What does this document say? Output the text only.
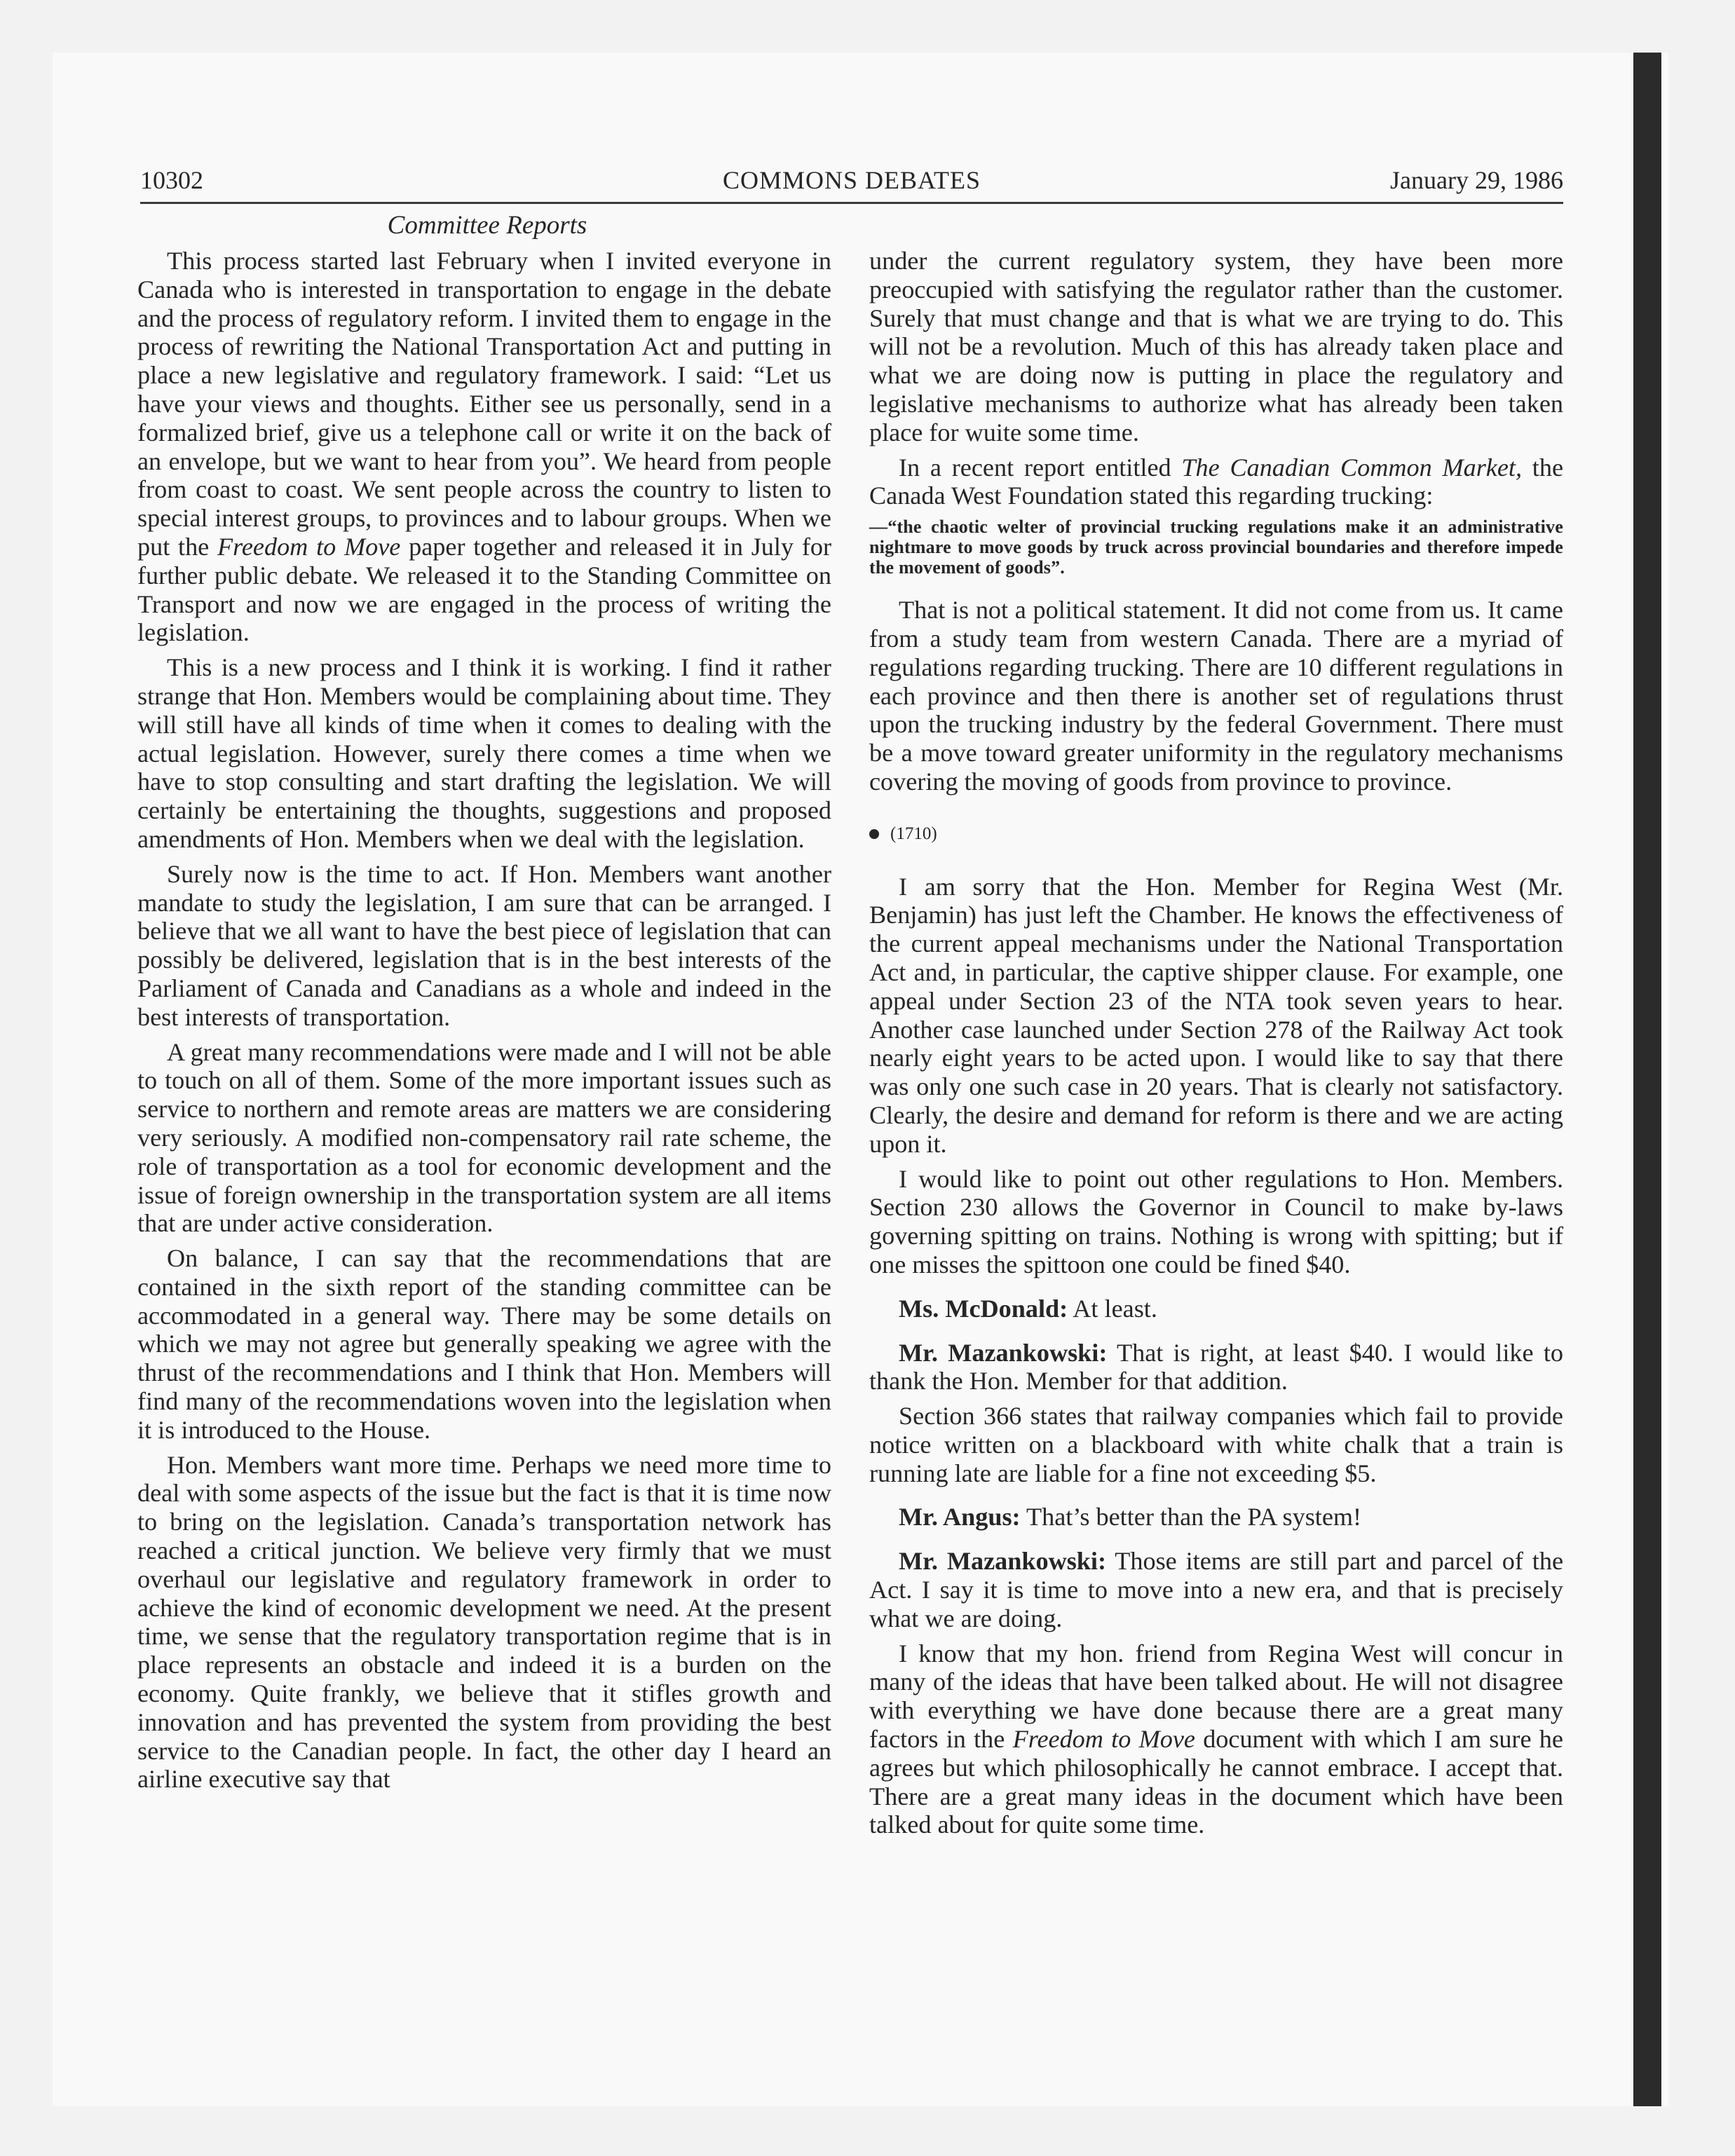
10302	COMMONS DEBATES	January 29, 1986
Committee Reports

This process started last February when I invited everyone in Canada who is interested in transportation to engage in the debate and the process of regulatory reform. I invited them to engage in the process of rewriting the National Transportation Act and putting in place a new legislative and regulatory framework. I said: “Let us have your views and thoughts. Either see us personally, send in a formalized brief, give us a telephone call or write it on the back of an envelope, but we want to hear from you”. We heard from people from coast to coast. We sent people across the country to listen to special interest groups, to provinces and to labour groups. When we put the Freedom to Move paper together and released it in July for further public debate. We released it to the Standing Committee on Transport and now we are engaged in the process of writing the legislation.

This is a new process and I think it is working. I find it rather strange that Hon. Members would be complaining about time. They will still have all kinds of time when it comes to dealing with the actual legislation. However, surely there comes a time when we have to stop consulting and start drafting the legislation. We will certainly be entertaining the thoughts, suggestions and proposed amendments of Hon. Members when we deal with the legislation.

Surely now is the time to act. If Hon. Members want another mandate to study the legislation, I am sure that can be arranged. I believe that we all want to have the best piece of legislation that can possibly be delivered, legislation that is in the best interests of the Parliament of Canada and Canadians as a whole and indeed in the best interests of transportation.

A great many recommendations were made and I will not be able to touch on all of them. Some of the more important issues such as service to northern and remote areas are matters we are considering very seriously. A modified non-compensatory rail rate scheme, the role of transportation as a tool for economic development and the issue of foreign ownership in the transportation system are all items that are under active consideration.

On balance, I can say that the recommendations that are contained in the sixth report of the standing committee can be accommodated in a general way. There may be some details on which we may not agree but generally speaking we agree with the thrust of the recommendations and I think that Hon. Members will find many of the recommendations woven into the legislation when it is introduced to the House.

Hon. Members want more time. Perhaps we need more time to deal with some aspects of the issue but the fact is that it is time now to bring on the legislation. Canada’s transportation network has reached a critical junction. We believe very firmly that we must overhaul our legislative and regulatory framework in order to achieve the kind of economic development we need. At the present time, we sense that the regulatory transportation regime that is in place represents an obstacle and indeed it is a burden on the economy. Quite frankly, we believe that it stifles growth and innovation and has prevented the system from providing the best service to the Canadian people. In fact, the other day I heard an airline executive say that

under the current regulatory system, they have been more preoccupied with satisfying the regulator rather than the customer. Surely that must change and that is what we are trying to do. This will not be a revolution. Much of this has already taken place and what we are doing now is putting in place the regulatory and legislative mechanisms to authorize what has already been taken place for wuite some time.

In a recent report entitled The Canadian Common Market, the Canada West Foundation stated this regarding trucking:

—“the chaotic welter of provincial trucking regulations make it an administrative nightmare to move goods by truck across provincial boundaries and therefore impede the movement of goods”.

That is not a political statement. It did not come from us. It came from a study team from western Canada. There are a myriad of regulations regarding trucking. There are 10 different regulations in each province and then there is another set of regulations thrust upon the trucking industry by the federal Government. There must be a move toward greater uniformity in the regulatory mechanisms covering the moving of goods from province to province.

(1710)

I am sorry that the Hon. Member for Regina West (Mr. Benjamin) has just left the Chamber. He knows the effectiveness of the current appeal mechanisms under the National Transportation Act and, in particular, the captive shipper clause. For example, one appeal under Section 23 of the NTA took seven years to hear. Another case launched under Section 278 of the Railway Act took nearly eight years to be acted upon. I would like to say that there was only one such case in 20 years. That is clearly not satisfactory. Clearly, the desire and demand for reform is there and we are acting upon it.

I would like to point out other regulations to Hon. Members. Section 230 allows the Governor in Council to make by-laws governing spitting on trains. Nothing is wrong with spitting; but if one misses the spittoon one could be fined $40.

Ms. McDonald: At least.

Mr. Mazankowski: That is right, at least $40. I would like to thank the Hon. Member for that addition.

Section 366 states that railway companies which fail to provide notice written on a blackboard with white chalk that a train is running late are liable for a fine not exceeding $5.

Mr. Angus: That’s better than the PA system!

Mr. Mazankowski: Those items are still part and parcel of the Act. I say it is time to move into a new era, and that is precisely what we are doing.

I know that my hon. friend from Regina West will concur in many of the ideas that have been talked about. He will not disagree with everything we have done because there are a great many factors in the Freedom to Move document with which I am sure he agrees but which philosophically he cannot embrace. I accept that. There are a great many ideas in the document which have been talked about for quite some time.
